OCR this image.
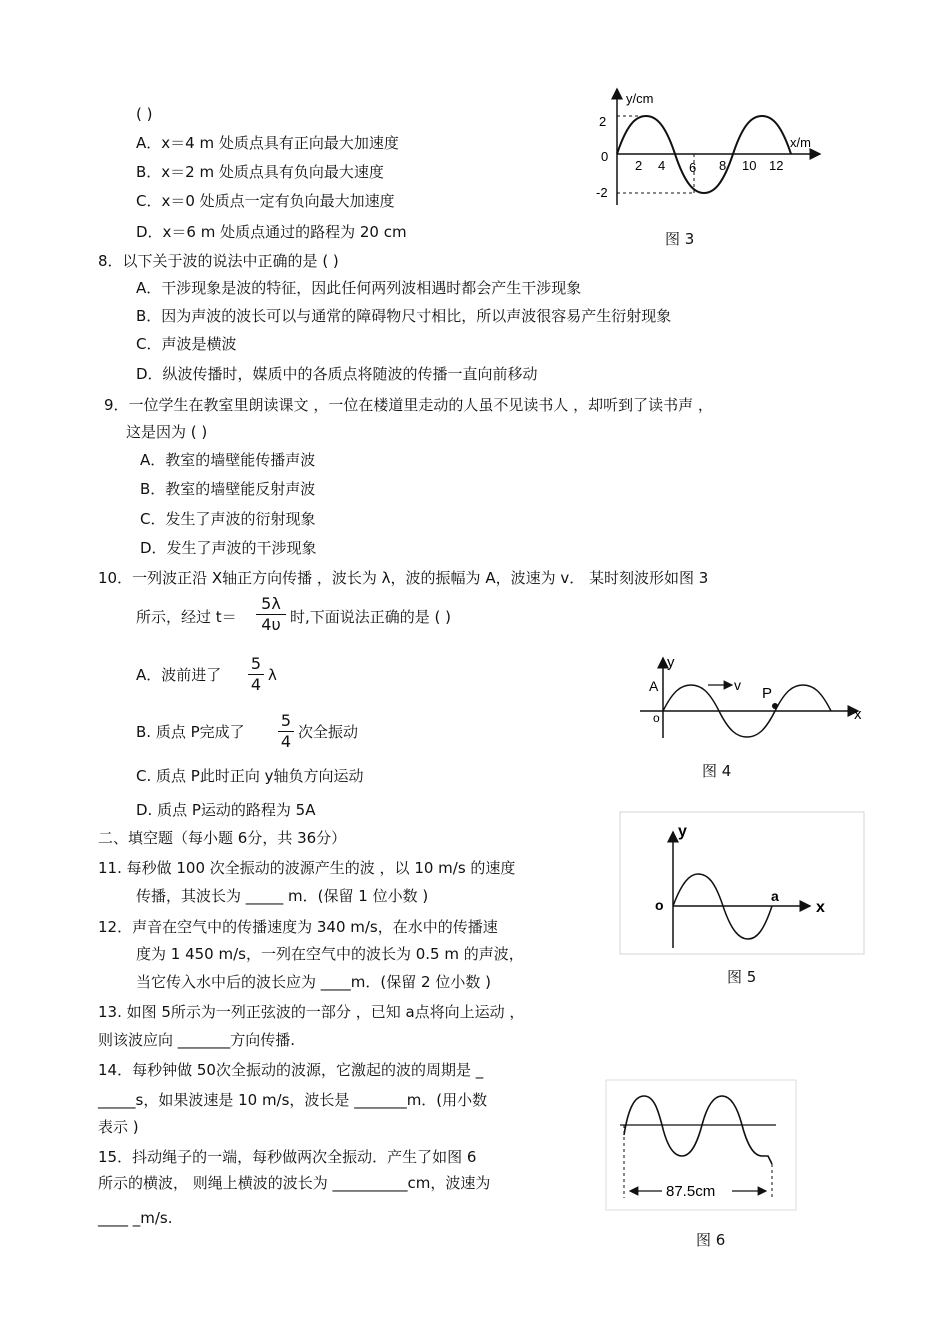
( )
A．x＝4 m 处质点具有正向最大加速度
B．x＝2 m 处质点具有负向最大速度
C．x＝0 处质点一定有负向最大加速度
D．x＝6 m 处质点通过的路程为 20 cm
8．以下关于波的说法中正确的是 ( )
A．干涉现象是波的特征，因此任何两列波相遇时都会产生干涉现象
B．因为声波的波长可以与通常的障碍物尺寸相比，所以声波很容易产生衍射现象
C．声波是横波
D．纵波传播时，媒质中的各质点将随波的传播一直向前移动
9．一位学生在教室里朗读课文 ，一位在楼道里走动的人虽不见读书人 ，却听到了读书声 ，
这是因为 ( )
A．教室的墙壁能传播声波
B．教室的墙壁能反射声波
C．发生了声波的衍射现象
D．发生了声波的干涉现象
10．一列波正沿 X轴正方向传播 ，波长为 λ，波的振幅为 A，波速为 v． 某时刻波形如图 3
所示，经过 t＝
5λ
4υ 时,下面说法正确的是 ( )
A．波前进了
5
4 λ
B. 质点 P完成了
5
4 次全振动
C. 质点 P此时正向 y轴负方向运动
D. 质点 P运动的路程为 5A
二、填空题（每小题 6分，共 36分）
11. 每秒做 100 次全振动的波源产生的波 ，以 10 m/s 的速度
传播，其波长为 _____ m．(保留 1 位小数 )
12．声音在空气中的传播速度为 340 m/s，在水中的传播速
度为 1 450 m/s，一列在空气中的波长为 0.5 m 的声波，
当它传入水中后的波长应为 ____m．(保留 2 位小数 )
13. 如图 5所示为一列正弦波的一部分 ，已知 a点将向上运动 ，
则该波应向 _______方向传播.
14．每秒钟做 50次全振动的波源，它激起的波的周期是 _
_____s，如果波速是 10 m/s，波长是 _______m．(用小数
表示 )
15．抖动绳子的一端，每秒做两次全振动．产生了如图 6
所示的横波， 则绳上横波的波长为 __________cm，波速为
____ _m/s.
y/cm
x/m
2
0
-2
2 4 6 8 10 12
图 3
y
x
A
o
v P
图 4
y
x
o
a
图 5
87.5cm
图 6
